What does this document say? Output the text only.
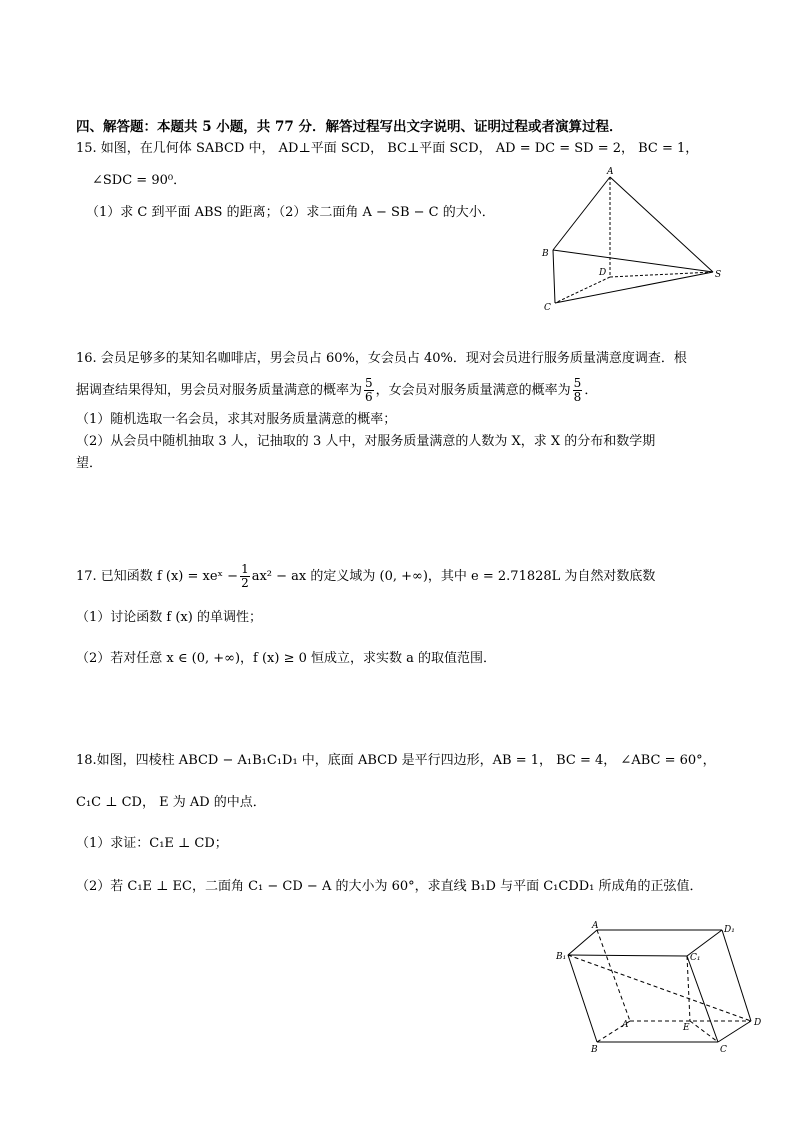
四、解答题：本题共 5 小题，共 77 分．解答过程写出文字说明、证明过程或者演算过程．
15. 如图，在几何体 SABCD 中， AD⊥平面 SCD， BC⊥平面 SCD， AD = DC = SD = 2， BC = 1，
∠SDC = 90⁰．
（1）求 C 到平面 ABS 的距离；（2）求二面角 A − SB − C 的大小．
A
B
C
D	S
16. 会员足够多的某知名咖啡店，男会员占 60%，女会员占 40%．现对会员进行服务质量满意度调查．根
据调查结果得知，男会员对服务质量满意的概率为 $\frac{5}{6}$ ，女会员对服务质量满意的概率为 $\frac{5}{8}$ ．
（1）随机选取一名会员，求其对服务质量满意的概率；
（2）从会员中随机抽取 3 人，记抽取的 3 人中，对服务质量满意的人数为 X，求 X 的分布和数学期
望．
17. 已知函数 f (x) = xeˣ − $\frac{1}{2} ax^2$ − ax 的定义域为 (0, +∞)，其中 e = 2.71828L 为自然对数底数
（1）讨论函数 f (x) 的单调性；
（2）若对任意 x ∈ (0, +∞)，f (x) ≥ 0 恒成立，求实数 a 的取值范围．
18.如图，四棱柱 ABCD − A₁B₁C₁D₁ 中，底面 ABCD 是平行四边形，AB = 1， BC = 4， ∠ABC = 60°，
C₁C ⊥ CD， E 为 AD 的中点．
（1）求证：C₁E ⊥ CD；
（2）若 C₁E ⊥ EC，二面角 C₁ − CD − A 的大小为 60°，求直线 B₁D 与平面 C₁CDD₁ 所成角的正弦值．
A	D₁
B₁	C₁
A	E	D
B	C
